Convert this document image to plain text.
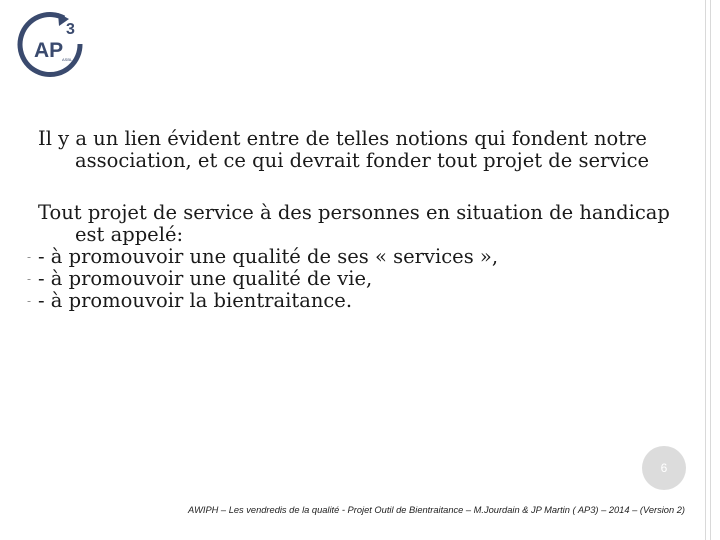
AP
3
ASBL

Il y a un lien évident entre de telles notions qui fondent notre
association, et ce qui devrait fonder tout projet de service

Tout projet de service à des personnes en situation de handicap
est appelé:

- - à promouvoir une qualité de ses « services »,
- - à promouvoir une qualité de vie,
- - à promouvoir la bientraitance.
6
AWIPH – Les vendredis de la qualité - Projet Outil de Bientraitance – M.Jourdain & JP Martin ( AP3) – 2014 – (Version 2)
